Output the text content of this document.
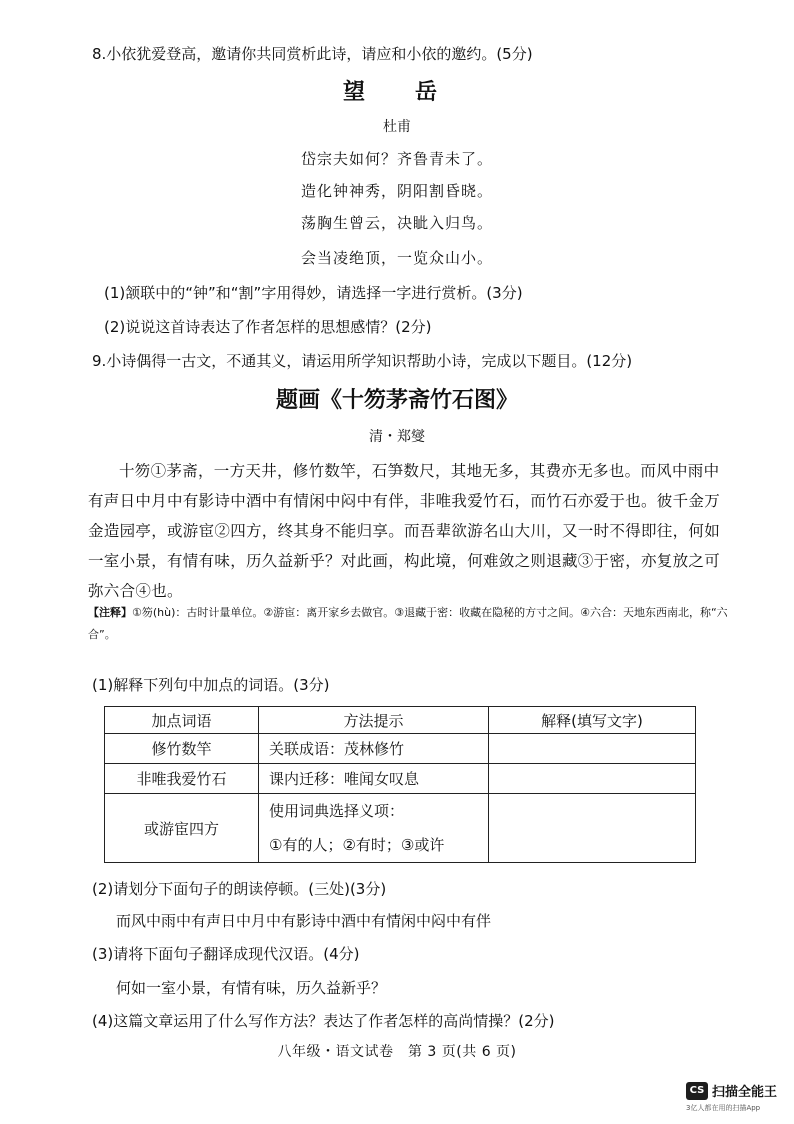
8.小依犹爱登高，邀请你共同赏析此诗，请应和小依的邀约。(5分)
望　岳
杜甫
岱宗夫如何？齐鲁青未了。
造化钟神秀，阴阳割昏晓。
荡胸生曾云，决眦入归鸟。
会当凌绝顶，一览众山小。
(1)颔联中的“钟”和“割”字用得妙，请选择一字进行赏析。(3分)
(2)说说这首诗表达了作者怎样的思想感情？(2分)
9.小诗偶得一古文，不通其义，请运用所学知识帮助小诗，完成以下题目。(12分)
题画《十笏茅斋竹石图》
清・郑燮
十笏①茅斋，一方天井，修竹数竿，石笋数尺，其地无多，其费亦无多也。而风中雨中有声日中月中有影诗中酒中有情闲中闷中有伴，非唯我爱竹石，而竹石亦爱于也。彼千金万金造园亭，或游宦②四方，终其身不能归享。而吾辈欲游名山大川，又一时不得即往，何如一室小景，有情有味，历久益新乎？对此画，构此境，何难敛之则退藏③于密，亦复放之可弥六合④也。
【注释】①笏(hù)：古时计量单位。②游宦：离开家乡去做官。③退藏于密：收藏在隐秘的方寸之间。④六合：天地东西南北，称“六合”。
(1)解释下列句中加点的词语。(3分)
加点词语	方法提示	解释(填写文字)
修竹数竿	关联成语：茂林修竹	
非唯我爱竹石	课内迁移：唯闻女叹息	
或游宦四方	使用词典选择义项：
①有的人；②有时；③或许	

(2)请划分下面句子的朗读停顿。(三处)(3分)
而风中雨中有声日中月中有影诗中酒中有情闲中闷中有伴
(3)请将下面句子翻译成现代汉语。(4分)
何如一室小景，有情有味，历久益新乎？
(4)这篇文章运用了什么写作方法？表达了作者怎样的高尚情操？(2分)
八年级・语文试卷　第 3 页(共 6 页)
CS 扫描全能王
3亿人都在用的扫描App
